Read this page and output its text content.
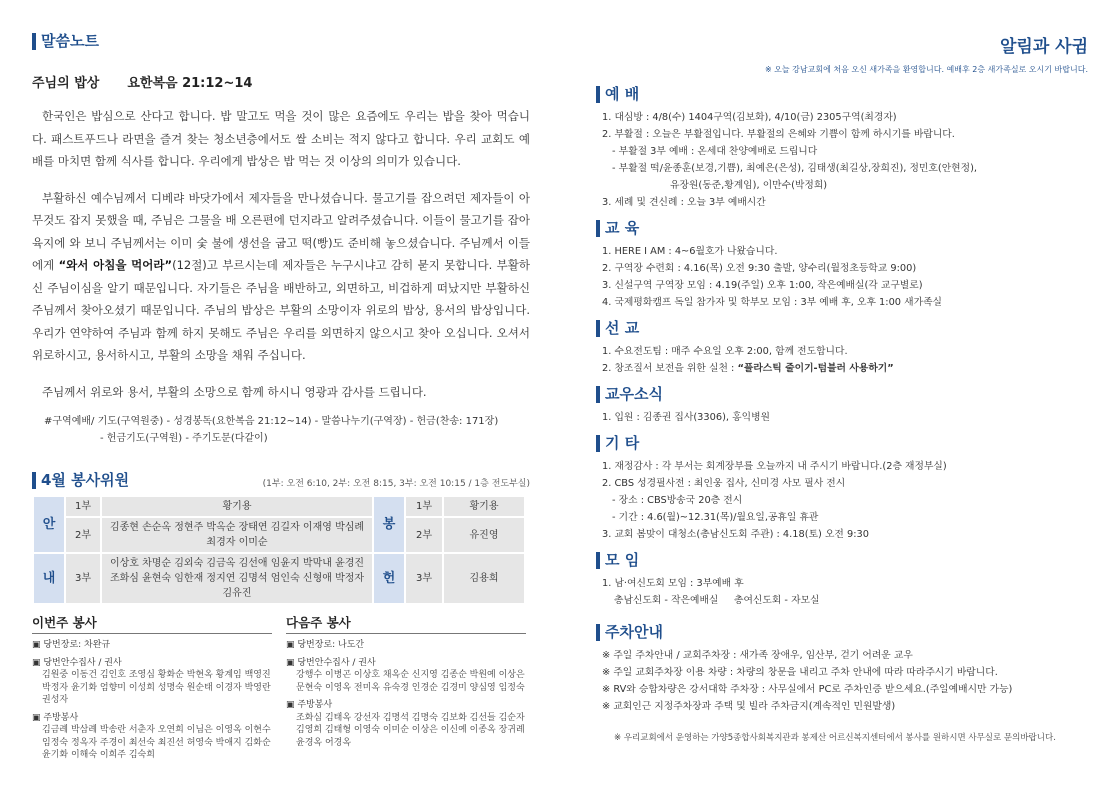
말씀노트
주님의 밥상 요한복음 21:12~14
한국인은 밥심으로 산다고 합니다. 밥 말고도 먹을 것이 많은 요즘에도 우리는 밥을 찾아 먹습니다. 패스트푸드나 라면을 즐겨 찾는 청소년층에서도 쌀 소비는 적지 않다고 합니다. 우리 교회도 예배를 마치면 함께 식사를 합니다. 우리에게 밥상은 밥 먹는 것 이상의 의미가 있습니다.
부활하신 예수님께서 디베랴 바닷가에서 제자들을 만나셨습니다. 물고기를 잡으려던 제자들이 아무것도 잡지 못했을 때, 주님은 그물을 배 오른편에 던지라고 알려주셨습니다. 이들이 물고기를 잡아 육지에 와 보니 주님께서는 이미 숯 불에 생선을 굽고 떡(빵)도 준비해 놓으셨습니다. 주님께서 이들에게 “와서 아침을 먹어라”(12절)고 부르시는데 제자들은 누구시냐고 감히 묻지 못합니다. 부활하신 주님이심을 알기 때문입니다. 자기들은 주님을 배반하고, 외면하고, 비겁하게 떠났지만 부활하신 주님께서 찾아오셨기 때문입니다. 주님의 밥상은 부활의 소망이자 위로의 밥상, 용서의 밥상입니다. 우리가 연약하여 주님과 함께 하지 못해도 주님은 우리를 외면하지 않으시고 찾아 오십니다. 오셔서 위로하시고, 용서하시고, 부활의 소망을 채워 주십니다.
주님께서 위로와 용서, 부활의 소망으로 함께 하시니 영광과 감사를 드립니다.
#구역예배/ 기도(구역원중) - 성경봉독(요한복음 21:12~14) - 말씀나누기(구역장) - 헌금(찬송: 171장)
- 헌금기도(구역원) - 주기도문(다같이)
4월 봉사위원	(1부: 오전 6:10, 2부: 오전 8:15, 3부: 오전 10:15 / 1층 전도부실)
안	1부	황기용	봉	1부	황기용
	2부	김종현 손순옥 정현주 박옥순 장태연 김길자 이재영 박심례 최경자 이미순		2부	유진영
내	3부	이상호 차명순 김외숙 김금옥 김선애 임윤지 박막내 윤경진 조화심 윤현숙 임한재 정지연 김명석 엄인숙 신형애 박정자 김유진	헌	3부	김용희
이번주 봉사
▣ 당번장로: 차완규
▣ 당번안수집사 / 권사
김원중 이동건 김인호 조영심 황화순 박현옥 황계임 백영진 박정자 윤기화 엄향미 이성희 성명숙 원순태 이경자 박영란 권성자
▣ 주방봉사
김금례 박삼례 박송란 서춘자 오연희 이님은 이영옥 이현수 임정숙 정옥자 주경이 최선숙 최진선 허영숙 박애지 김화순 윤기화 이해숙 이희주 김숙희
다음주 봉사
▣ 당번장로: 나도간
▣ 당번안수집사 / 권사
강행수 이병곤 이상호 채옥순 신지영 김종순 박원예 이상은 문현숙 이영옥 전미옥 유숙경 인경순 김경미 양심영 임정숙
▣ 주방봉사
조화심 김태옥 강선자 김명석 김명숙 김보화 김선들 김순자 김영희 김태형 이영숙 이미순 이상은 이신예 이종옥 장귀례 윤경옥 어경옥
알림과 사귐
※ 오늘 강남교회에 처음 오신 새가족을 환영합니다. 예배후 2층 새가족실로 오시기 바랍니다.
예 배
1. 대심방 : 4/8(수) 1404구역(김보화), 4/10(금) 2305구역(최경자)
2. 부활절 : 오늘은 부활절입니다. 부활절의 은혜와 기쁨이 함께 하시기를 바랍니다.
- 부활절 3부 예배 : 온세대 찬양예배로 드립니다
- 부활절 떡/윤종훈(보경,기쁨), 최예은(은성), 김태생(최길상,장희진), 정민호(안현정),
유장원(동준,황계임), 이만수(박정희)
3. 세례 및 견신례 : 오늘 3부 예배시간
교 육
1. HERE I AM : 4~6월호가 나왔습니다.
2. 구역장 수련회 : 4.16(목) 오전 9:30 출발, 양수리(월정초등학교 9:00)
3. 신설구역 구역장 모임 : 4.19(주일) 오후 1:00, 작은예배실(각 교구별로)
4. 국제평화캠프 독일 참가자 및 학부모 모임 : 3부 예배 후, 오후 1:00 새가족실
선 교
1. 수요전도팀 : 매주 수요일 오후 2:00, 함께 전도합니다.
2. 창조질서 보전을 위한 실천 : “플라스틱 줄이기-텀블러 사용하기”
교우소식
1. 입원 : 김종권 집사(3306), 홍익병원
기 타
1. 재정감사 : 각 부서는 회계장부를 오늘까지 내 주시기 바랍니다.(2층 재정부실)
2. CBS 성경필사전 : 최인웅 집사, 신미경 사모 필사 전시
- 장소 : CBS방송국 20층 전시
- 기간 : 4.6(월)~12.31(목)/월요일,공휴일 휴관
3. 교회 봄맞이 대청소(총남신도회 주관) : 4.18(토) 오전 9:30
모 임
1. 남·여신도회 모임 : 3부예배 후
총남신도회 - 작은예배실 총여신도회 - 자모실
주차안내
※ 주일 주차안내 / 교회주차장 : 새가족 장애우, 임산부, 걷기 어려운 교우
※ 주일 교회주차장 이용 차량 : 차량의 창문을 내리고 주차 안내에 따라 따라주시기 바랍니다.
※ RV와 승합차량은 강서대학 주차장 : 사무실에서 PC로 주차인증 받으세요.(주일예배시만 가능)
※ 교회인근 지정주차장과 주택 및 빌라 주차금지(계속적인 민원발생)
※ 우리교회에서 운영하는 가양5종합사회복지관과 봉제산 어르신복지센터에서 봉사를 원하시면 사무실로 문의바랍니다.
